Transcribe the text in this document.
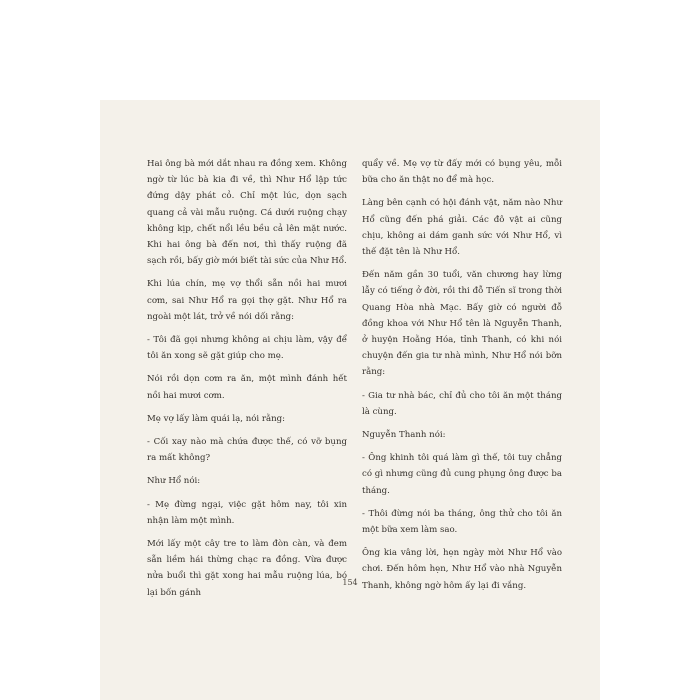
Hai ông bà mới dắt nhau ra đồng xem. Không ngờ từ lúc bà kia đi về, thì Như Hổ lập tức đứng dậy phát cỏ. Chỉ một lúc, dọn sạch quang cả vài mẫu ruộng. Cá dưới ruộng chạy không kịp, chết nổi lều bều cả lên mặt nước. Khi hai ông bà đến nơi, thì thấy ruộng đã sạch rồi, bấy giờ mới biết tài sức của Như Hổ.

Khi lúa chín, mẹ vợ thổi sẵn nồi hai mươi cơm, sai Như Hổ ra gọi thợ gặt. Như Hổ ra ngoài một lát, trở về nói dối rằng:

- Tôi đã gọi nhưng không ai chịu làm, vậy để tôi ăn xong sẽ gặt giúp cho mẹ.

Nói rồi dọn cơm ra ăn, một mình đánh hết nồi hai mươi cơm.

Mẹ vợ lấy làm quái lạ, nói rằng:

- Cối xay nào mà chứa được thế, có vỡ bụng ra mất không?

Như Hổ nói:

- Mẹ đừng ngại, việc gặt hôm nay, tôi xin nhận làm một mình.

Mới lấy một cây tre to làm đòn càn, và đem sẵn liềm hái thừng chạc ra đồng. Vừa được nửa buổi thì gặt xong hai mẫu ruộng lúa, bó lại bốn gánh

quẩy về. Mẹ vợ từ đấy mới có bụng yêu, mỗi bữa cho ăn thật no để mà học.

Làng bên cạnh có hội đánh vật, năm nào Như Hổ cũng đến phá giải. Các đô vật ai cũng chịu, không ai dám ganh sức với Như Hổ, vì thế đặt tên là Như Hổ.

Đến năm gần 30 tuổi, văn chương hay lừng lẫy có tiếng ở đời, rồi thi đỗ Tiến sĩ trong thời Quang Hòa nhà Mạc. Bấy giờ có người đỗ đồng khoa với Như Hổ tên là Nguyễn Thanh, ở huyện Hoằng Hóa, tỉnh Thanh, có khi nói chuyện đến gia tư nhà mình, Như Hổ nói bỡn rằng:

- Gia tư nhà bác, chỉ đủ cho tôi ăn một tháng là cùng.

Nguyễn Thanh nói:

- Ông khinh tôi quá làm gì thế, tôi tuy chẳng có gì nhưng cũng đủ cung phụng ông được ba tháng.

- Thôi đừng nói ba tháng, ông thử cho tôi ăn một bữa xem làm sao.

Ông kia vâng lời, hẹn ngày mời Như Hổ vào chơi. Đến hôm hẹn, Như Hổ vào nhà Nguyễn Thanh, không ngờ hôm ấy lại đi vắng.

154
